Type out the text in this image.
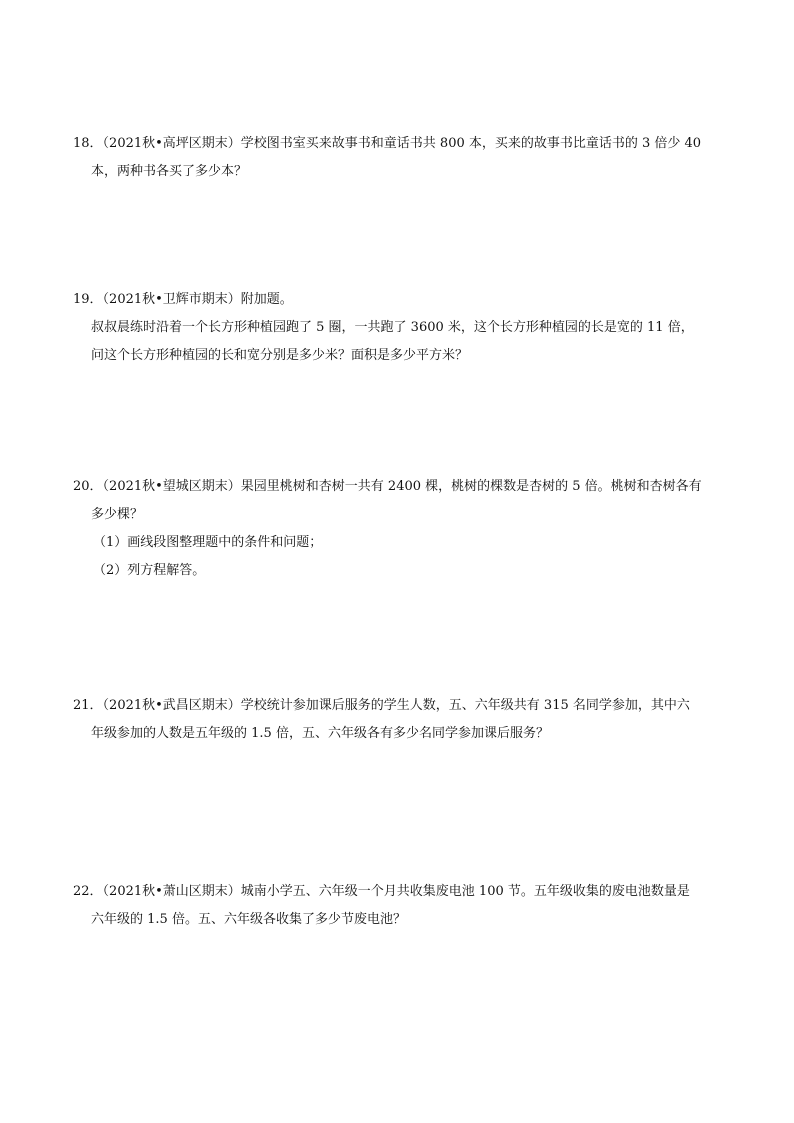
18．（2021秋•高坪区期末）学校图书室买来故事书和童话书共 800 本，买来的故事书比童话书的 3 倍少 40
本，两种书各买了多少本？
19．（2021秋•卫辉市期末）附加题。
叔叔晨练时沿着一个长方形种植园跑了 5 圈，一共跑了 3600 米，这个长方形种植园的长是宽的 11 倍，
问这个长方形种植园的长和宽分别是多少米？面积是多少平方米？
20．（2021秋•望城区期末）果园里桃树和杏树一共有 2400 棵，桃树的棵数是杏树的 5 倍。桃树和杏树各有
多少棵？
（1）画线段图整理题中的条件和问题；
（2）列方程解答。
21．（2021秋•武昌区期末）学校统计参加课后服务的学生人数，五、六年级共有 315 名同学参加，其中六
年级参加的人数是五年级的 1.5 倍，五、六年级各有多少名同学参加课后服务？
22．（2021秋•萧山区期末）城南小学五、六年级一个月共收集废电池 100 节。五年级收集的废电池数量是
六年级的 1.5 倍。五、六年级各收集了多少节废电池？
